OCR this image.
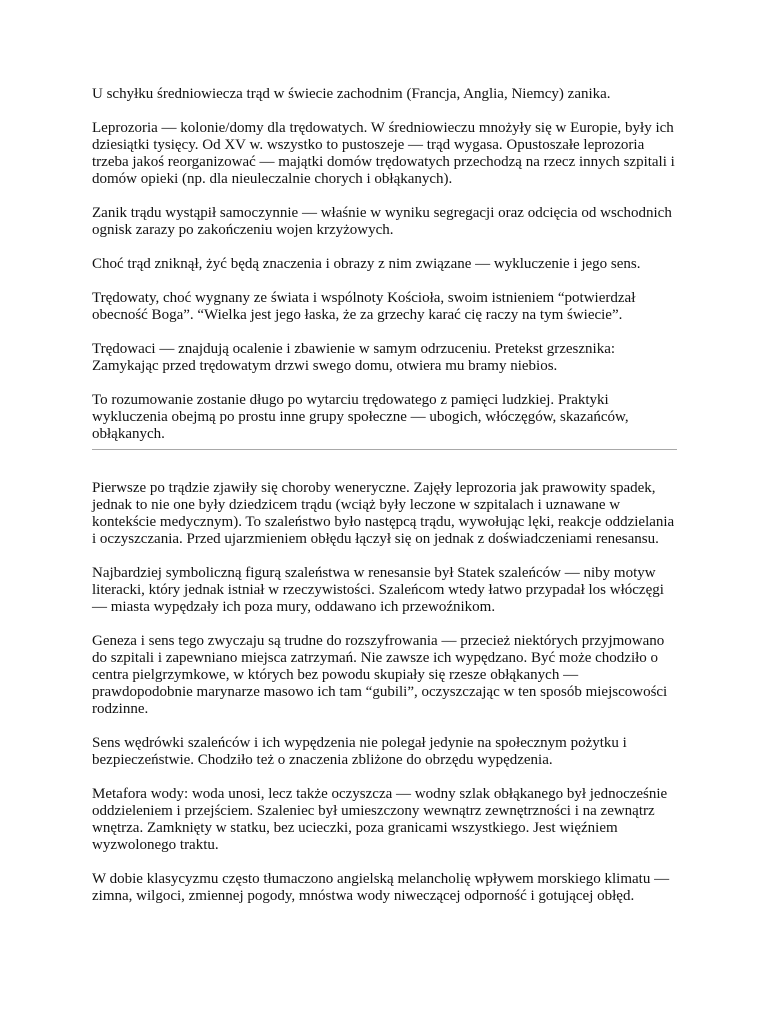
U schyłku średniowiecza trąd w świecie zachodnim (Francja, Anglia, Niemcy) zanika.

Leprozoria — kolonie/domy dla trędowatych. W średniowieczu mnożyły się w Europie, były ich dziesiątki tysięcy. Od XV w. wszystko to pustoszeje — trąd wygasa. Opustoszałe leprozoria trzeba jakoś reorganizować — majątki domów trędowatych przechodzą na rzecz innych szpitali i domów opieki (np. dla nieuleczalnie chorych i obłąkanych).

Zanik trądu wystąpił samoczynnie — właśnie w wyniku segregacji oraz odcięcia od wschodnich ognisk zarazy po zakończeniu wojen krzyżowych.

Choć trąd zniknął, żyć będą znaczenia i obrazy z nim związane — wykluczenie i jego sens.

Trędowaty, choć wygnany ze świata i wspólnoty Kościoła, swoim istnieniem “potwierdzał obecność Boga”. “Wielka jest jego łaska, że za grzechy karać cię raczy na tym świecie”.

Trędowaci — znajdują ocalenie i zbawienie w samym odrzuceniu. Pretekst grzesznika: Zamykając przed trędowatym drzwi swego domu, otwiera mu bramy niebios.

To rozumowanie zostanie długo po wytarciu trędowatego z pamięci ludzkiej. Praktyki wykluczenia obejmą po prostu inne grupy społeczne — ubogich, włóczęgów, skazańców, obłąkanych.

Pierwsze po trądzie zjawiły się choroby weneryczne. Zajęły leprozoria jak prawowity spadek, jednak to nie one były dziedzicem trądu (wciąż były leczone w szpitalach i uznawane w kontekście medycznym). To szaleństwo było następcą trądu, wywołując lęki, reakcje oddzielania i oczyszczania. Przed ujarzmieniem obłędu łączył się on jednak z doświadczeniami renesansu.

Najbardziej symboliczną figurą szaleństwa w renesansie był Statek szaleńców — niby motyw literacki, który jednak istniał w rzeczywistości. Szaleńcom wtedy łatwo przypadał los włóczęgi — miasta wypędzały ich poza mury, oddawano ich przewoźnikom.

Geneza i sens tego zwyczaju są trudne do rozszyfrowania — przecież niektórych przyjmowano do szpitali i zapewniano miejsca zatrzymań. Nie zawsze ich wypędzano. Być może chodziło o centra pielgrzymkowe, w których bez powodu skupiały się rzesze obłąkanych — prawdopodobnie marynarze masowo ich tam “gubili”, oczyszczając w ten sposób miejscowości rodzinne.

Sens wędrówki szaleńców i ich wypędzenia nie polegał jedynie na społecznym pożytku i bezpieczeństwie. Chodziło też o znaczenia zbliżone do obrzędu wypędzenia.

Metafora wody: woda unosi, lecz także oczyszcza — wodny szlak obłąkanego był jednocześnie oddzieleniem i przejściem. Szaleniec był umieszczony wewnątrz zewnętrzności i na zewnątrz wnętrza. Zamknięty w statku, bez ucieczki, poza granicami wszystkiego. Jest więźniem wyzwolonego traktu.

W dobie klasycyzmu często tłumaczono angielską melancholię wpływem morskiego klimatu — zimna, wilgoci, zmiennej pogody, mnóstwa wody niweczącej odporność i gotującej obłęd.
